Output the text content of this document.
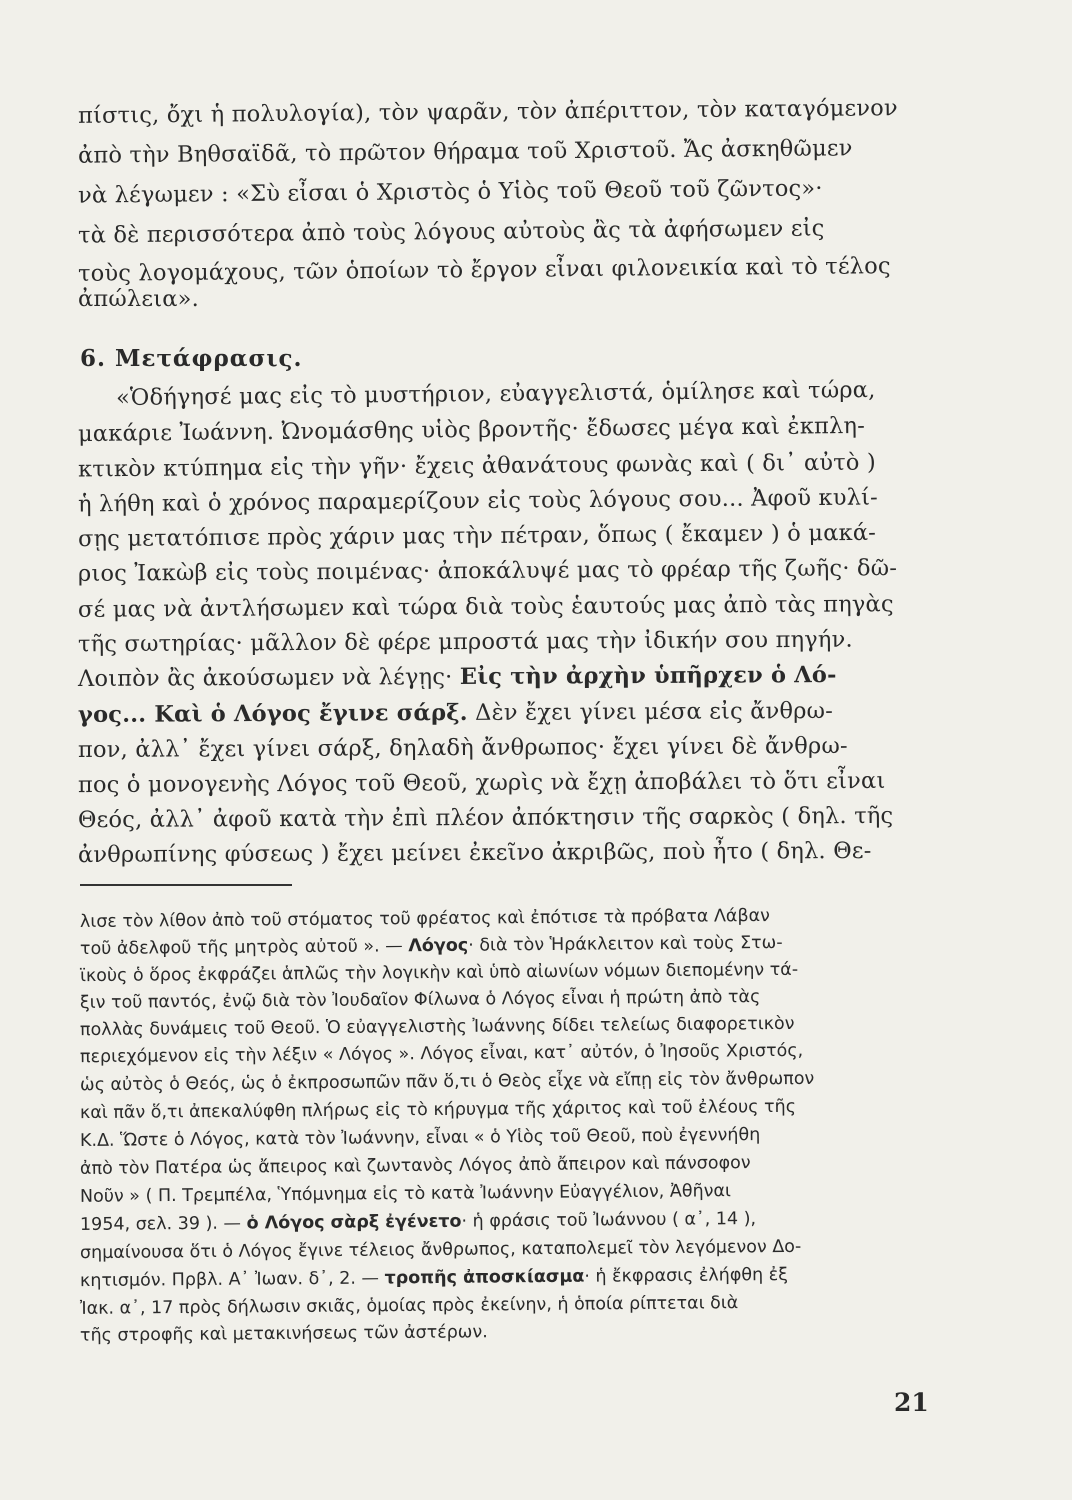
πίστις, ὄχι ἡ πολυλογία), τὸν ψαρᾶν, τὸν ἀπέριττον, τὸν καταγόμενον
ἀπὸ τὴν Βηθσαϊδᾶ, τὸ πρῶτον θήραμα τοῦ Χριστοῦ. Ἄς ἀσκηθῶμεν
νὰ λέγωμεν : «Σὺ εἶσαι ὁ Χριστὸς ὁ Υἱὸς τοῦ Θεοῦ τοῦ ζῶντος»·
τὰ δὲ περισσότερα ἀπὸ τοὺς λόγους αὐτοὺς ἂς τὰ ἀφήσωμεν εἰς
τοὺς λογομάχους, τῶν ὁποίων τὸ ἔργον εἶναι φιλονεικία καὶ τὸ τέλος
ἀπώλεια».
6. Μετάφρασις.
«Ὁδήγησέ μας εἰς τὸ μυστήριον, εὐαγγελιστά, ὁμίλησε καὶ τώρα,
μακάριε Ἰωάννη. Ὠνομάσθης υἱὸς βροντῆς· ἔδωσες μέγα καὶ ἐκπλη-
κτικὸν κτύπημα εἰς τὴν γῆν· ἔχεις ἀθανάτους φωνὰς καὶ ( δι᾽ αὐτὸ )
ἡ λήθη καὶ ὁ χρόνος παραμερίζουν εἰς τοὺς λόγους σου... Ἀφοῦ κυλί-
σῃς μετατόπισε πρὸς χάριν μας τὴν πέτραν, ὅπως ( ἔκαμεν ) ὁ μακά-
ριος Ἰακὼβ εἰς τοὺς ποιμένας· ἀποκάλυψέ μας τὸ φρέαρ τῆς ζωῆς· δῶ-
σέ μας νὰ ἀντλήσωμεν καὶ τώρα διὰ τοὺς ἑαυτούς μας ἀπὸ τὰς πηγὰς
τῆς σωτηρίας· μᾶλλον δὲ φέρε μπροστά μας τὴν ἰδικήν σου πηγήν.
Λοιπὸν ἂς ἀκούσωμεν νὰ λέγῃς· Εἰς τὴν ἀρχὴν ὑπῆρχεν ὁ Λό-
γος... Καὶ ὁ Λόγος ἔγινε σάρξ. Δὲν ἔχει γίνει μέσα εἰς ἄνθρω-
πον, ἀλλ᾽ ἔχει γίνει σάρξ, δηλαδὴ ἄνθρωπος· ἔχει γίνει δὲ ἄνθρω-
πος ὁ μονογενὴς Λόγος τοῦ Θεοῦ, χωρὶς νὰ ἔχῃ ἀποβάλει τὸ ὅτι εἶναι
Θεός, ἀλλ᾽ ἀφοῦ κατὰ τὴν ἐπὶ πλέον ἀπόκτησιν τῆς σαρκὸς ( δηλ. τῆς
ἀνθρωπίνης φύσεως ) ἔχει μείνει ἐκεῖνο ἀκριβῶς, ποὺ ἦτο ( δηλ. Θε-
λισε τὸν λίθον ἀπὸ τοῦ στόματος τοῦ φρέατος καὶ ἐπότισε τὰ πρόβατα Λάβαν
τοῦ ἀδελφοῦ τῆς μητρὸς αὐτοῦ ». — Λόγος· διὰ τὸν Ἡράκλειτον καὶ τοὺς Στω-
ϊκοὺς ὁ ὅρος ἐκφράζει ἁπλῶς τὴν λογικὴν καὶ ὑπὸ αἰωνίων νόμων διεπομένην τά-
ξιν τοῦ παντός, ἐνῷ διὰ τὸν Ἰουδαῖον Φίλωνα ὁ Λόγος εἶναι ἡ πρώτη ἀπὸ τὰς
πολλὰς δυνάμεις τοῦ Θεοῦ. Ὁ εὐαγγελιστὴς Ἰωάννης δίδει τελείως διαφορετικὸν
περιεχόμενον εἰς τὴν λέξιν « Λόγος ». Λόγος εἶναι, κατ᾽ αὐτόν, ὁ Ἰησοῦς Χριστός,
ὡς αὐτὸς ὁ Θεός, ὡς ὁ ἐκπροσωπῶν πᾶν ὅ,τι ὁ Θεὸς εἶχε νὰ εἴπῃ εἰς τὸν ἄνθρωπον
καὶ πᾶν ὅ,τι ἀπεκαλύφθη πλήρως εἰς τὸ κήρυγμα τῆς χάριτος καὶ τοῦ ἐλέους τῆς
Κ.Δ. Ὥστε ὁ Λόγος, κατὰ τὸν Ἰωάννην, εἶναι « ὁ Υἱὸς τοῦ Θεοῦ, ποὺ ἐγεννήθη
ἀπὸ τὸν Πατέρα ὡς ἄπειρος καὶ ζωντανὸς Λόγος ἀπὸ ἄπειρον καὶ πάνσοφον
Νοῦν » ( Π. Τρεμπέλα, Ὑπόμνημα εἰς τὸ κατὰ Ἰωάννην Εὐαγγέλιον, Ἀθῆναι
1954, σελ. 39 ). — ὁ Λόγος σὰρξ ἐγένετο· ἡ φράσις τοῦ Ἰωάννου ( α᾽, 14 ),
σημαίνουσα ὅτι ὁ Λόγος ἔγινε τέλειος ἄνθρωπος, καταπολεμεῖ τὸν λεγόμενον Δο-
κητισμόν. Πρβλ. Α᾽ Ἰωαν. δ᾽, 2. — τροπῆς ἀποσκίασμα· ἡ ἔκφρασις ἐλήφθη ἐξ
Ἰακ. α᾽, 17 πρὸς δήλωσιν σκιᾶς, ὁμοίας πρὸς ἐκείνην, ἡ ὁποία ρίπτεται διὰ
τῆς στροφῆς καὶ μετακινήσεως τῶν ἀστέρων.
21
